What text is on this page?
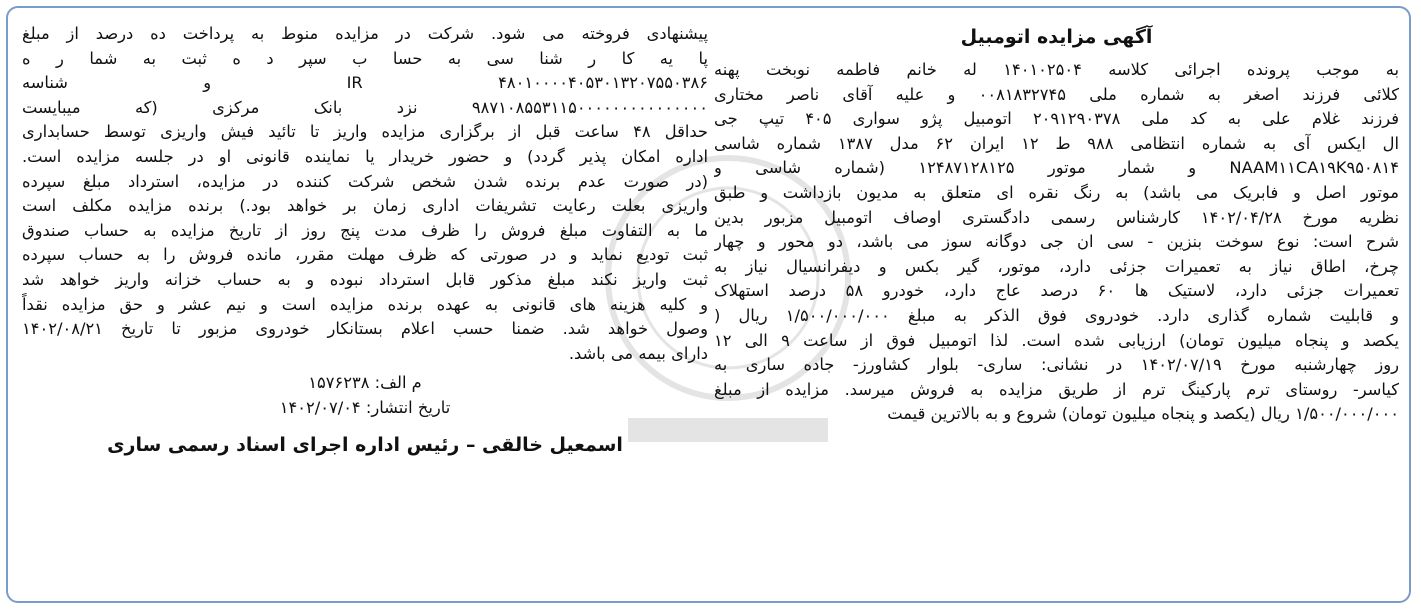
آگهی مزایده اتومبیل
به موجب پرونده اجرائی کلاسه ۱۴۰۱۰۲۵۰۴ له خانم فاطمه نوبخت پهنه
کلائی فرزند اصغر به شماره ملی ۰۰۸۱۸۳۲۷۴۵ و علیه آقای ناصر مختاری
فرزند غلام علی به کد ملی ۲۰۹۱۲۹۰۳۷۸ اتومبیل پژو سواری ۴۰۵ تیپ جی
ال ایکس آی به شماره انتظامی ۹۸۸ ط ۱۲ ایران ۶۲ مدل ۱۳۸۷ شماره شاسی
NAAM۱۱CA۱۹K۹۵۰۸۱۴ و شمار موتور ۱۲۴۸۷۱۲۸۱۲۵ (شماره شاسی و
موتور اصل و فابریک می باشد) به رنگ نقره ای متعلق به مدیون بازداشت و طبق
نظریه مورخ ۱۴۰۲/۰۴/۲۸ کارشناس رسمی دادگستری اوصاف اتومبیل مزبور بدین
شرح است: نوع سوخت بنزین - سی ان جی دوگانه سوز می باشد، دو محور و چهار
چرخ، اطاق نیاز به تعمیرات جزئی دارد، موتور، گیر بکس و دیفرانسیال نیاز به
تعمیرات جزئی دارد، لاستیک ها ۶۰ درصد عاج دارد، خودرو ۵۸ درصد استهلاک
و قابلیت شماره گذاری دارد. خودروی فوق الذکر به مبلغ ۱/۵۰۰/۰۰۰/۰۰۰ ریال (
یکصد و پنجاه میلیون تومان) ارزیابی شده است. لذا اتومبیل فوق از ساعت ۹ الی ۱۲
روز چهارشنبه مورخ ۱۴۰۲/۰۷/۱۹ در نشانی: ساری- بلوار کشاورز- جاده ساری به
کیاسر- روستای ترم پارکینگ ترم از طریق مزایده به فروش میرسد. مزایده از مبلغ
۱/۵۰۰/۰۰۰/۰۰۰ ریال (یکصد و پنجاه میلیون تومان) شروع و به بالاترین قیمت
پیشنهادی فروخته می شود. شرکت در مزایده منوط به پرداخت ده درصد از مبلغ
پا یه کا ر شنا سی به حسا ب سپر د ه ثبت به شما ر ه
۴۸۰۱۰۰۰۰۴۰۵۳۰۱۳۲۰۷۵۵۰۳۸۶ IR و شناسه
۹۸۷۱۰۸۵۵۳۱۱۵۰۰۰۰۰۰۰۰۰۰۰۰۰۰۰ نزد بانک مرکزی (که میبایست
حداقل ۴۸ ساعت قبل از برگزاری مزایده واریز تا تائید فیش واریزی توسط حسابداری
اداره امکان پذیر گردد) و حضور خریدار یا نماینده قانونی او در جلسه مزایده است.
(در صورت عدم برنده شدن شخص شرکت کننده در مزایده، استرداد مبلغ سپرده
واریزی بعلت رعایت تشریفات اداری زمان بر خواهد بود.) برنده مزایده مکلف است
ما به التفاوت مبلغ فروش را ظرف مدت پنج روز از تاریخ مزایده به حساب صندوق
ثبت تودیع نماید و در صورتی که ظرف مهلت مقرر، مانده فروش را به حساب سپرده
ثبت واریز نکند مبلغ مذکور قابل استرداد نبوده و به حساب خزانه واریز خواهد شد
و کلیه هزینه های قانونی به عهده برنده مزایده است و نیم عشر و حق مزایده نقداً
وصول خواهد شد. ضمنا حسب اعلام بستانکار خودروی مزبور تا تاریخ ۱۴۰۲/۰۸/۲۱
دارای بیمه می باشد.
م الف: ۱۵۷۶۲۳۸
تاریخ انتشار: ۱۴۰۲/۰۷/۰۴
اسمعیل خالقی – رئیس اداره اجرای اسناد رسمی ساری
